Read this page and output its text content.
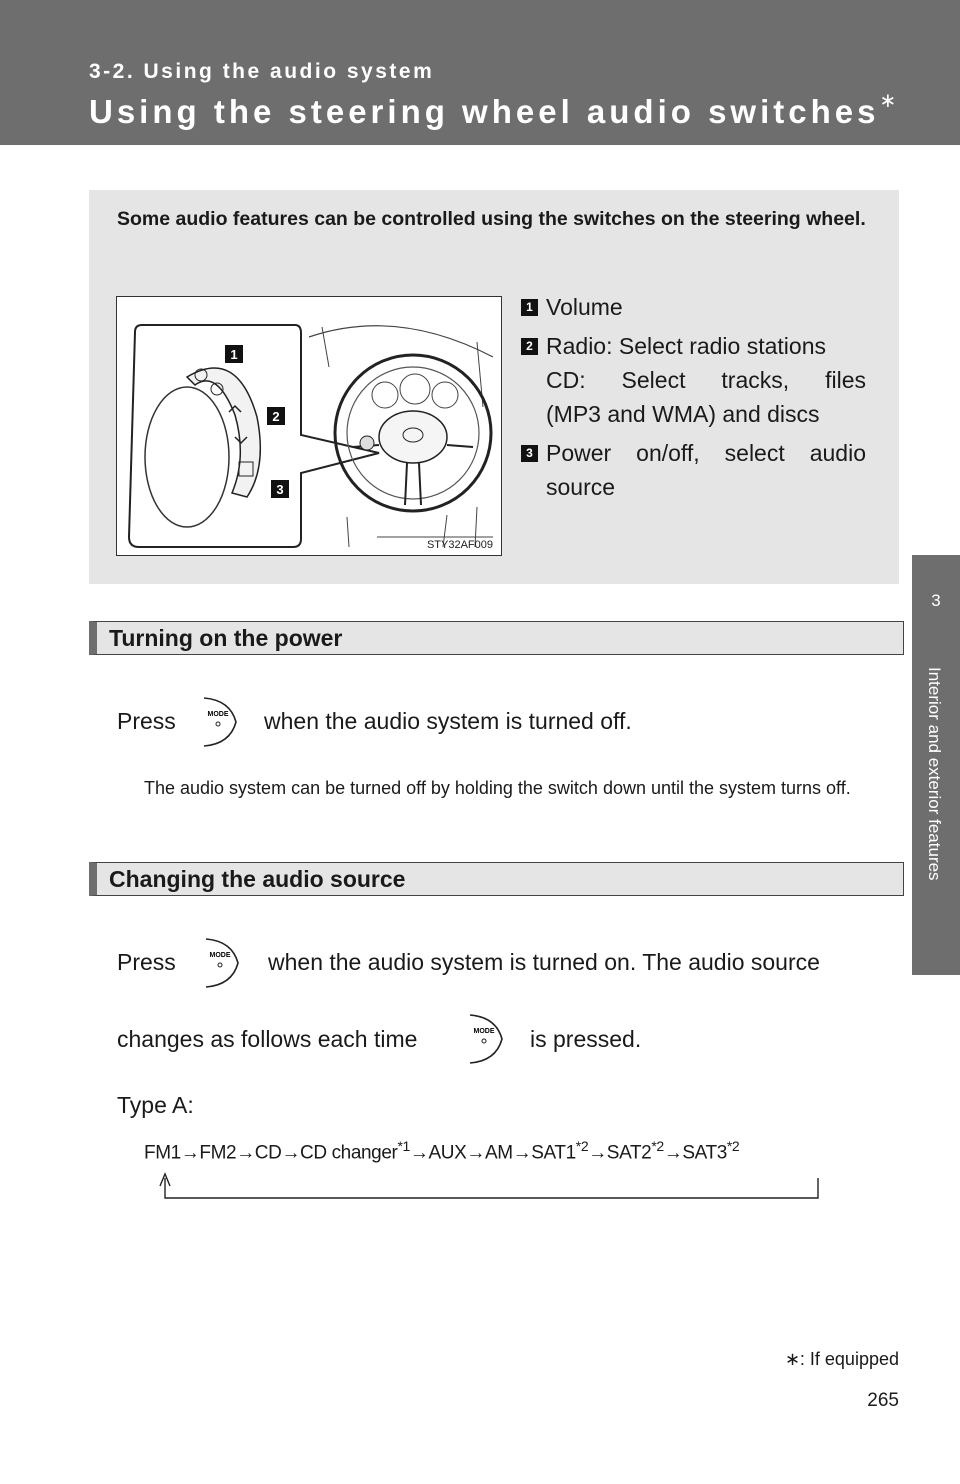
3-2. Using the audio system
Using the steering wheel audio switches∗
3
Interior and exterior features
Some audio features can be controlled using the switches on the steering wheel.
1
2
3
STY32AF009
1 Volume
2 Radio: Select radio stations
CD: Select tracks, files
(MP3 and WMA) and discs
3 Power on/off, select audio
source
Turning on the power
Press	MODE when the audio system is turned off.
The audio system can be turned off by holding the switch down until the system turns off.
Changing the audio source
Press	MODE when the audio system is turned on. The audio source
changes as follows each time	MODE is pressed.
Type A:
FM1→FM2→CD→CD $changer^{*1}\to AUX\to AM\to SAT1^{*2}\to SAT2^{*2}\to SAT3^{*2}$
∗: If equipped
265
